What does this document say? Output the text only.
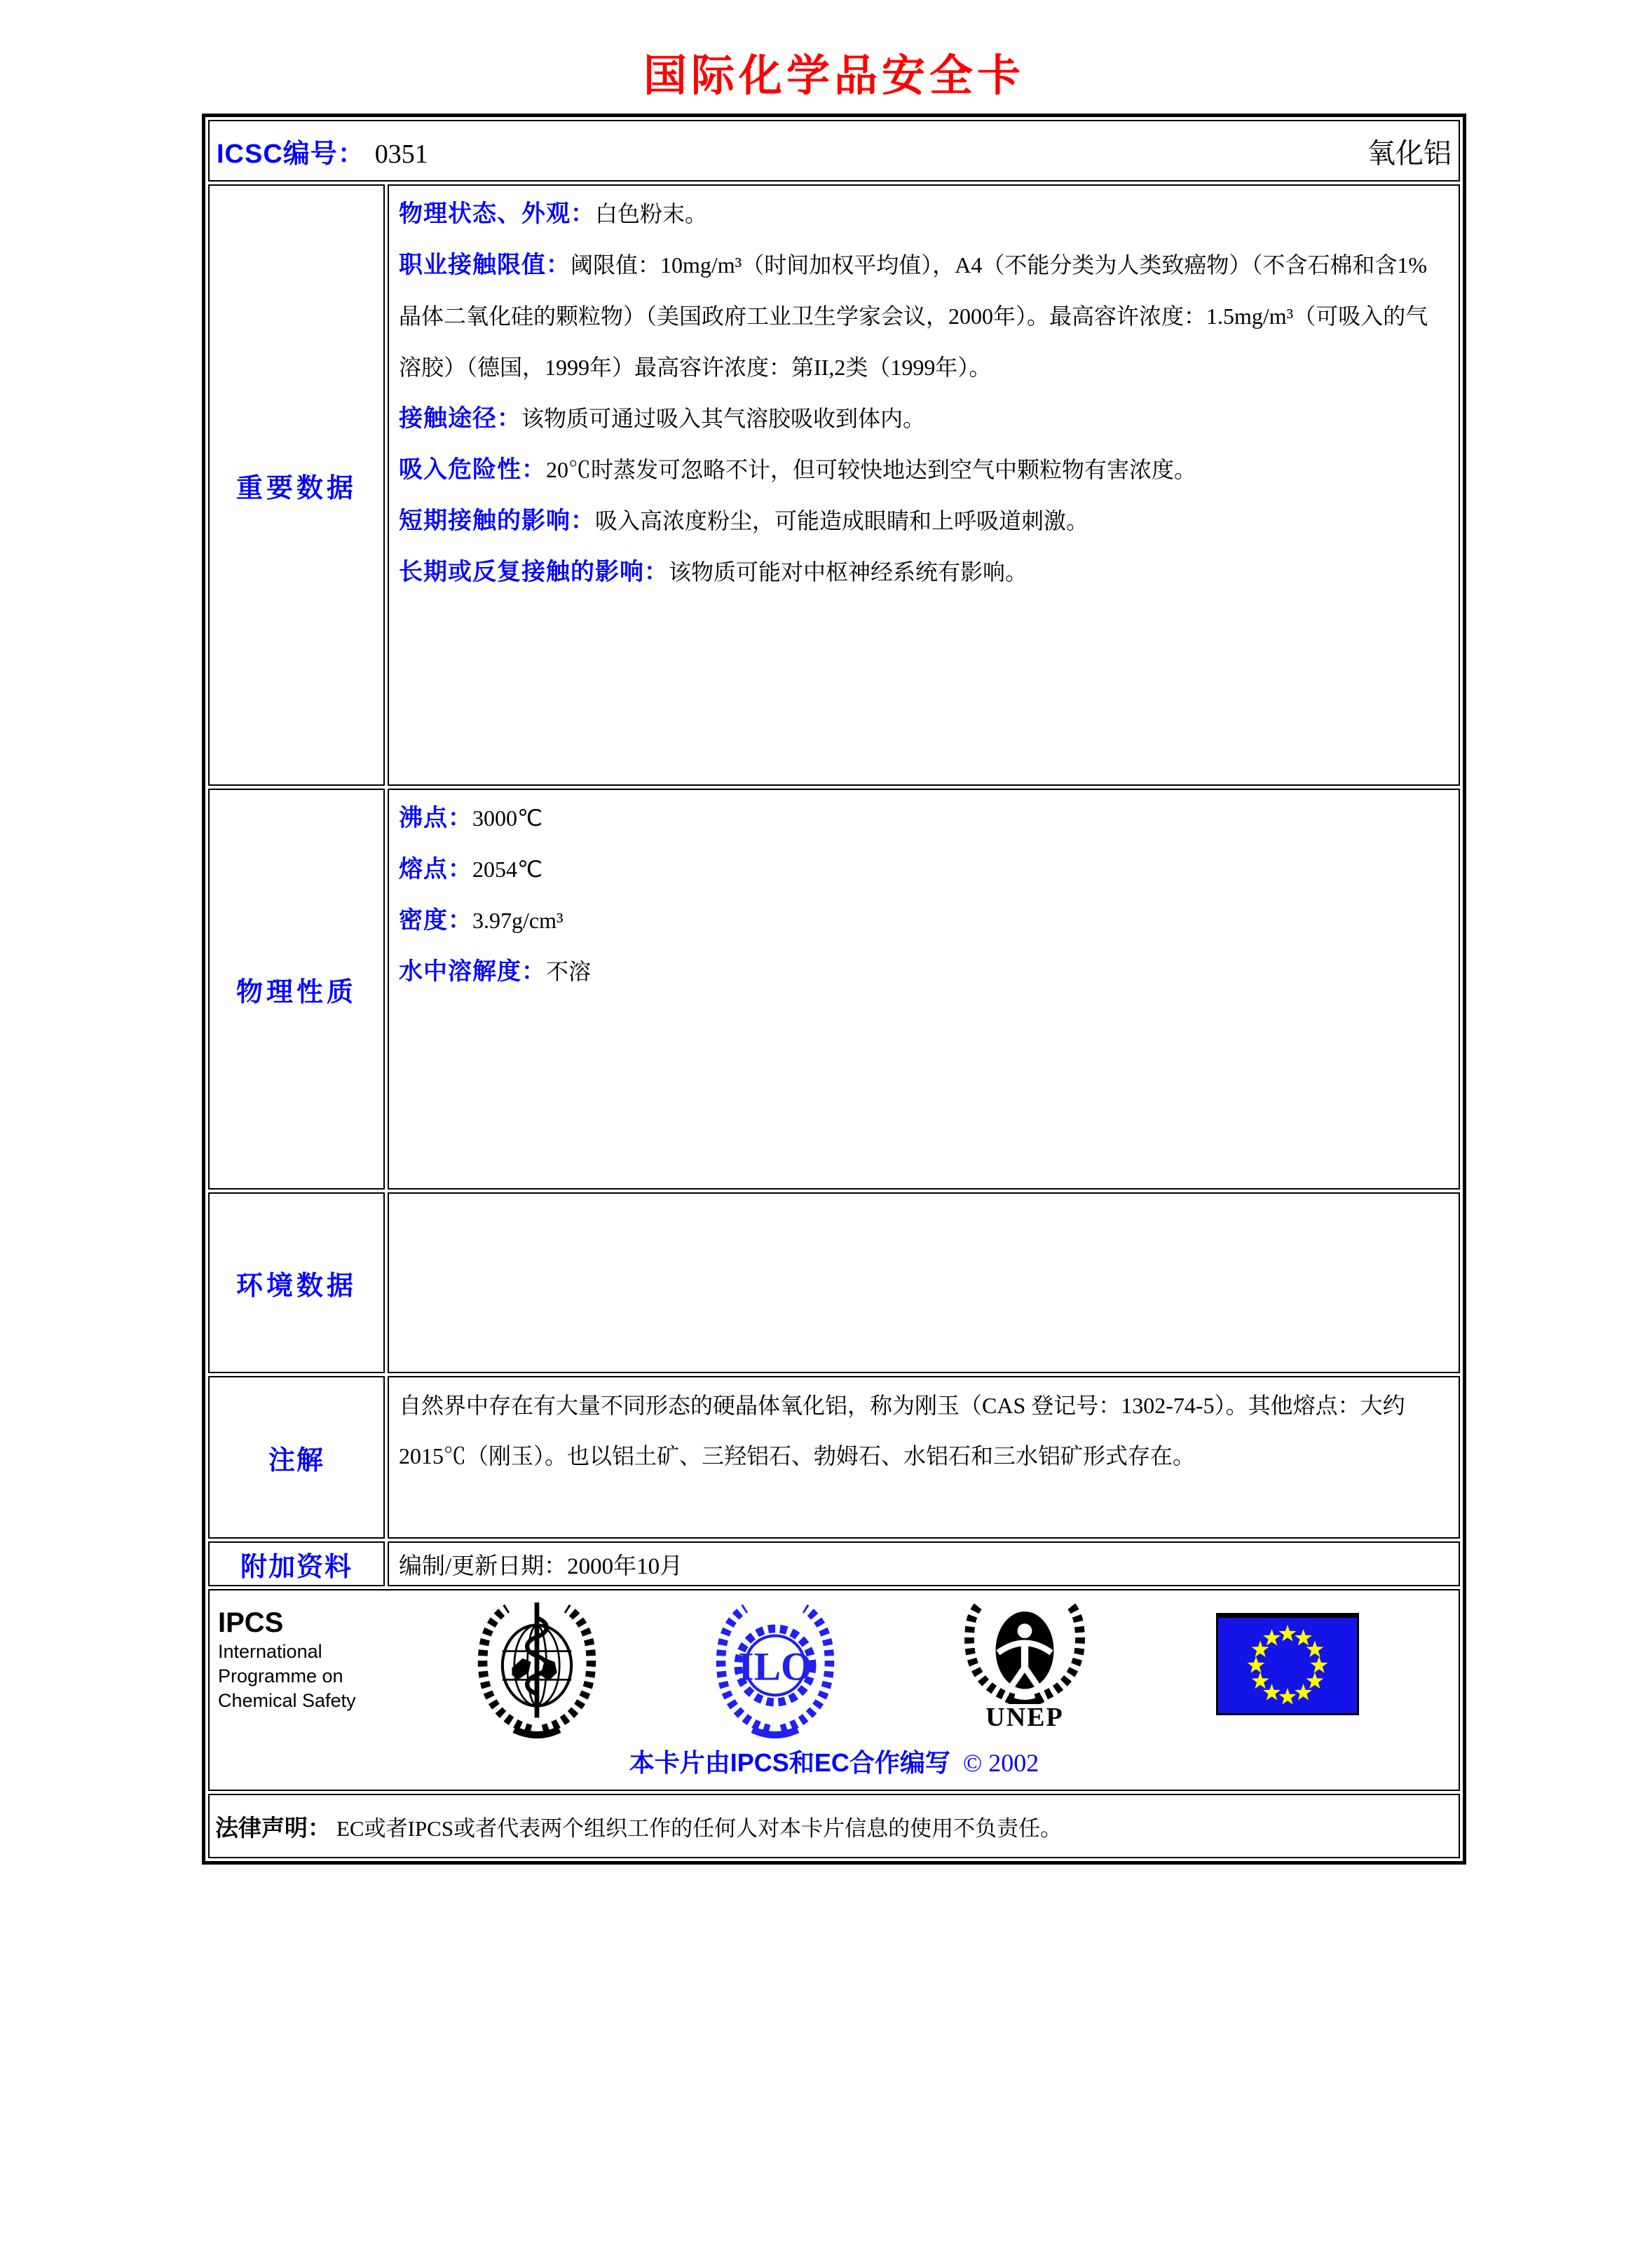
国际化学品安全卡
ICSC编号： 0351 氧化铝	

重要数据	物理状态、外观：白色粉末。
职业接触限值：阈限值：10mg/m³（时间加权平均值），A4（不能分类为人类致癌物）（不含石棉和含1%晶体二氧化硅的颗粒物）（美国政府工业卫生学家会议，2000年）。最高容许浓度：1.5mg/m³（可吸入的气溶胶）（德国，1999年）最高容许浓度：第II,2类（1999年）。
接触途径：该物质可通过吸入其气溶胶吸收到体内。
吸入危险性：20℃时蒸发可忽略不计，但可较快地达到空气中颗粒物有害浓度。
短期接触的影响：吸入高浓度粉尘，可能造成眼睛和上呼吸道刺激。
长期或反复接触的影响：该物质可能对中枢神经系统有影响。
物理性质	沸点：3000℃
熔点：2054℃
密度：3.97g/cm³
水中溶解度：不溶

环境数据	
注解	自然界中存在有大量不同形态的硬晶体氧化铝，称为刚玉（CAS 登记号：1302-74-5）。其他熔点：大约2015℃（刚玉）。也以铝土矿、三羟铝石、勃姆石、水铝石和三水铝矿形式存在。

附加资料	编制/更新日期：2000年10月

IPCS
International
Programme on
Chemical Safety
ILO
UNEP
本卡片由IPCS和EC合作编写 © 2002

法律声明： EC或者IPCS或者代表两个组织工作的任何人对本卡片信息的使用不负责任。	
